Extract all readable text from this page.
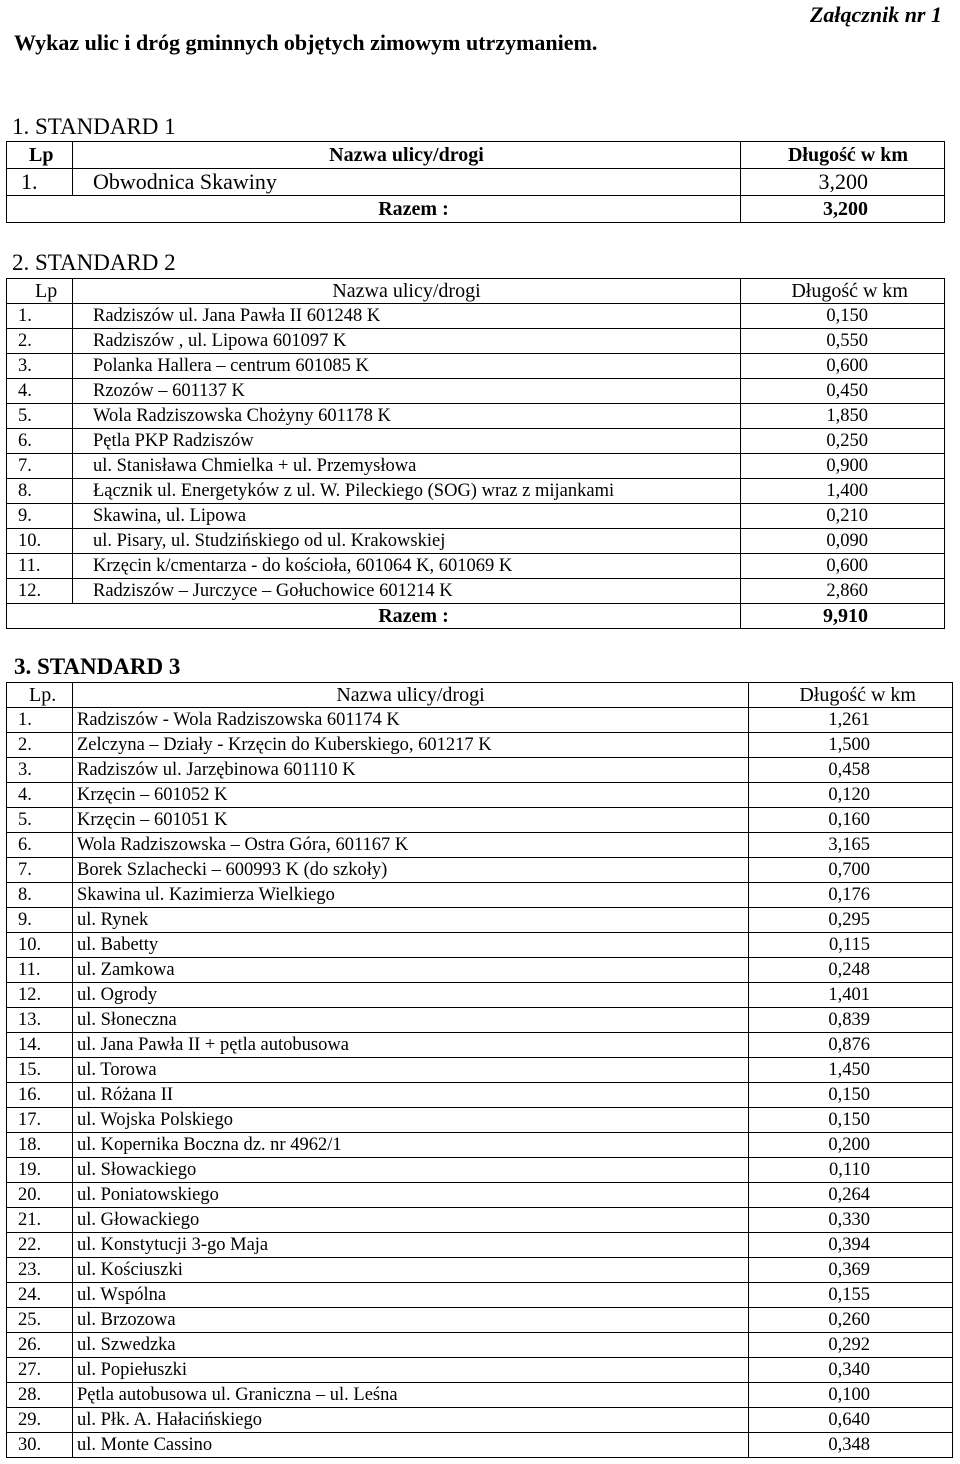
Załącznik nr 1
Wykaz ulic i dróg gminnych objętych zimowym utrzymaniem.
1. STANDARD 1
Lp	Nazwa ulicy/drogi	Długość w km
1.	Obwodnica Skawiny	3,200
Razem :		3,200
2. STANDARD 2
Lp	Nazwa ulicy/drogi	Długość w km
1.	Radziszów ul. Jana Pawła II 601248 K	0,150
2.	Radziszów , ul. Lipowa 601097 K	0,550
3.	Polanka Hallera – centrum 601085 K	0,600
4.	Rzozów – 601137 K	0,450
5.	Wola Radziszowska Chożyny 601178 K	1,850
6.	Pętla PKP Radziszów	0,250
7.	ul. Stanisława Chmielka + ul. Przemysłowa	0,900
8.	Łącznik ul. Energetyków z ul. W. Pileckiego (SOG) wraz z mijankami	1,400
9.	Skawina, ul. Lipowa	0,210
10.	ul. Pisary, ul. Studzińskiego od ul. Krakowskiej	0,090
11.	Krzęcin k/cmentarza - do kościoła, 601064 K, 601069 K	0,600
12.	Radziszów – Jurczyce – Gołuchowice 601214 K	2,860
Razem :		9,910
3. STANDARD 3
Lp.	Nazwa ulicy/drogi	Długość w km
1.	Radziszów - Wola Radziszowska 601174 K	1,261
2.	Zelczyna – Działy - Krzęcin do Kuberskiego, 601217 K	1,500
3.	Radziszów ul. Jarzębinowa 601110 K	0,458
4.	Krzęcin – 601052 K	0,120
5.	Krzęcin – 601051 K	0,160
6.	Wola Radziszowska – Ostra Góra, 601167 K	3,165
7.	Borek Szlachecki – 600993 K (do szkoły)	0,700
8.	Skawina ul. Kazimierza Wielkiego	0,176
9.	ul. Rynek	0,295
10.	ul. Babetty	0,115
11.	ul. Zamkowa	0,248
12.	ul. Ogrody	1,401
13.	ul. Słoneczna	0,839
14.	ul. Jana Pawła II + pętla autobusowa	0,876
15.	ul. Torowa	1,450
16.	ul. Różana II	0,150
17.	ul. Wojska Polskiego	0,150
18.	ul. Kopernika Boczna dz. nr 4962/1	0,200
19.	ul. Słowackiego	0,110
20.	ul. Poniatowskiego	0,264
21.	ul. Głowackiego	0,330
22.	ul. Konstytucji 3-go Maja	0,394
23.	ul. Kościuszki	0,369
24.	ul. Wspólna	0,155
25.	ul. Brzozowa	0,260
26.	ul. Szwedzka	0,292
27.	ul. Popiełuszki	0,340
28.	Pętla autobusowa ul. Graniczna – ul. Leśna	0,100
29.	ul. Płk. A. Hałacińskiego	0,640
30.	ul. Monte Cassino	0,348
